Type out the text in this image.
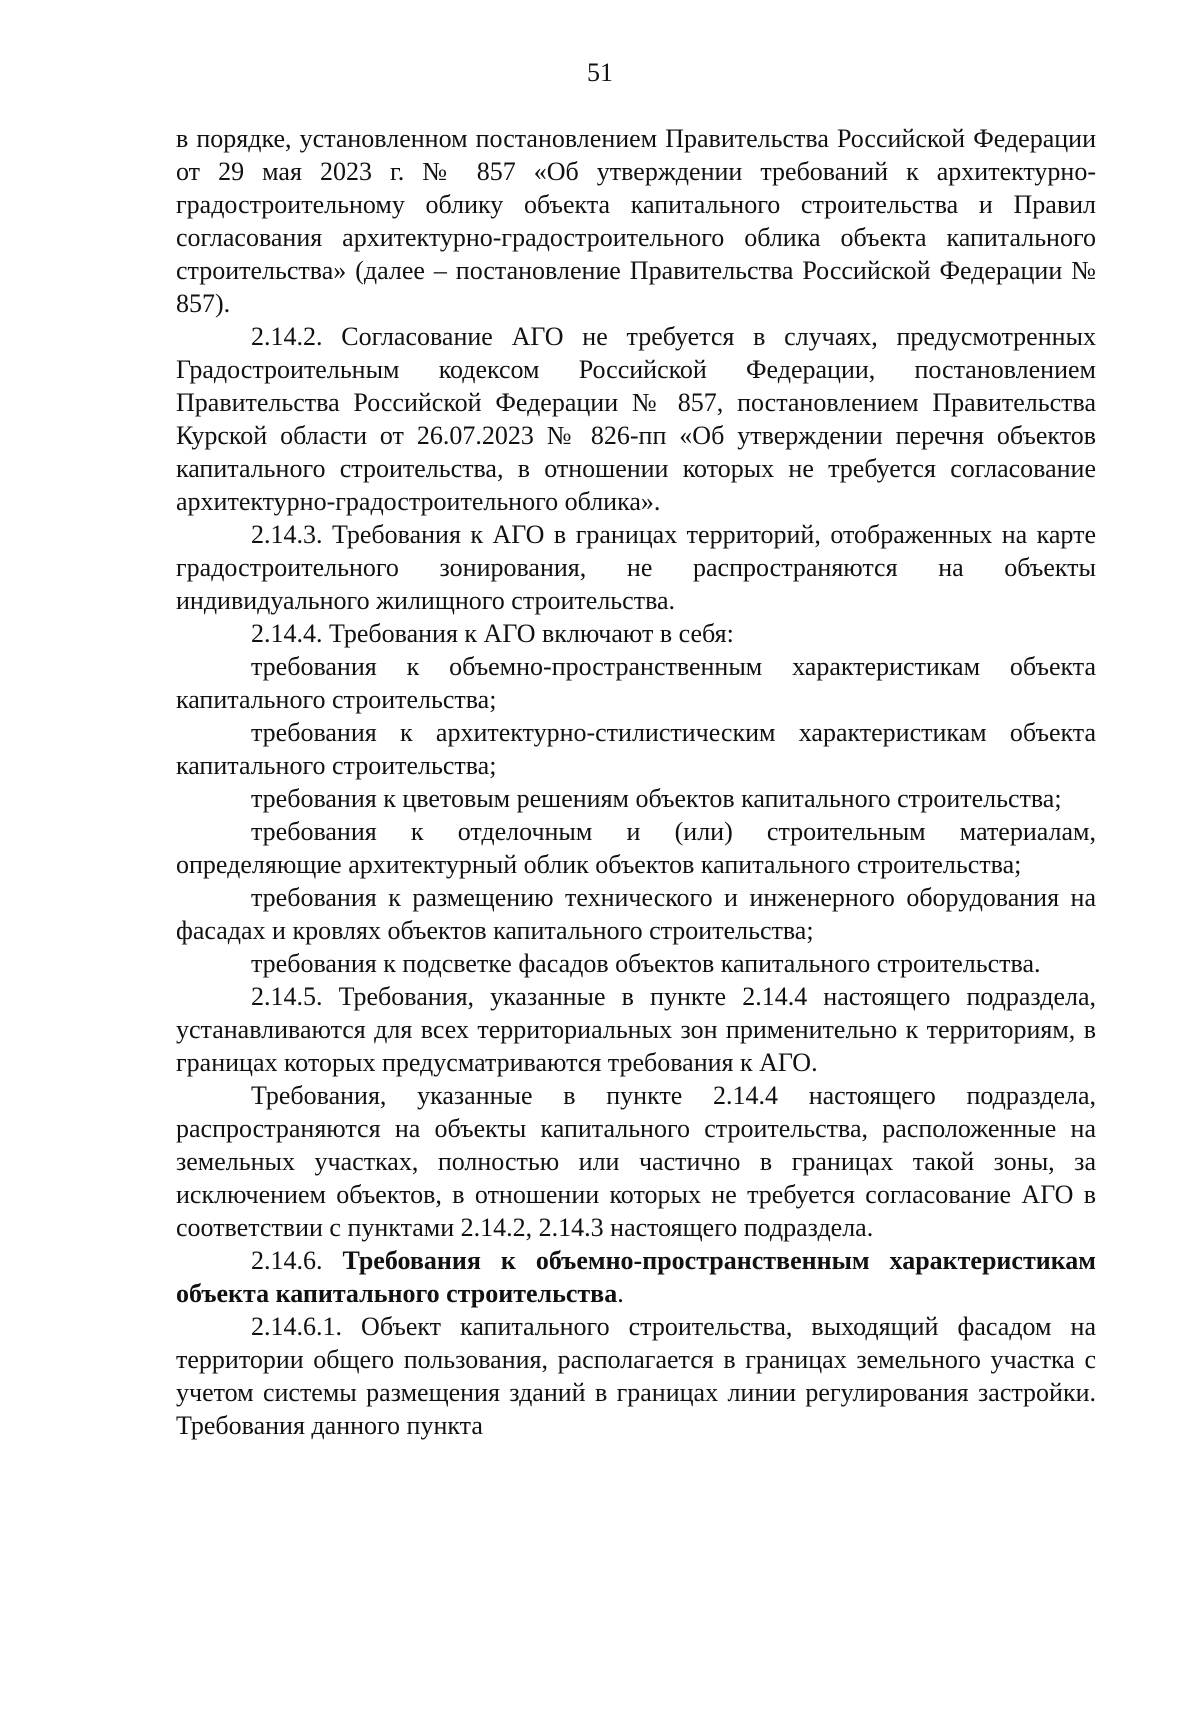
51

в порядке, установленном постановлением Правительства Российской Федерации от 29 мая 2023 г. № 857 «Об утверждении требований к архитектурно-градостроительному облику объекта капитального строительства и Правил согласования архитектурно-градостроительного облика объекта капитального строительства» (далее – постановление Правительства Российской Федерации № 857).

2.14.2. Согласование АГО не требуется в случаях, предусмотренных Градостроительным кодексом Российской Федерации, постановлением Правительства Российской Федерации № 857, постановлением Правительства Курской области от 26.07.2023 № 826-пп «Об утверждении перечня объектов капитального строительства, в отношении которых не требуется согласование архитектурно-градостроительного облика».

2.14.3. Требования к АГО в границах территорий, отображенных на карте градостроительного зонирования, не распространяются на объекты индивидуального жилищного строительства.

2.14.4. Требования к АГО включают в себя:

требования к объемно-пространственным характеристикам объекта капитального строительства;

требования к архитектурно-стилистическим характеристикам объекта капитального строительства;

требования к цветовым решениям объектов капитального строительства;

требования к отделочным и (или) строительным материалам, определяющие архитектурный облик объектов капитального строительства;

требования к размещению технического и инженерного оборудования на фасадах и кровлях объектов капитального строительства;

требования к подсветке фасадов объектов капитального строительства.

2.14.5. Требования, указанные в пункте 2.14.4 настоящего подраздела, устанавливаются для всех территориальных зон применительно к территориям, в границах которых предусматриваются требования к АГО.

Требования, указанные в пункте 2.14.4 настоящего подраздела, распространяются на объекты капитального строительства, расположенные на земельных участках, полностью или частично в границах такой зоны, за исключением объектов, в отношении которых не требуется согласование АГО в соответствии с пунктами 2.14.2, 2.14.3 настоящего подраздела.

2.14.6. Требования к объемно-пространственным характеристикам объекта капитального строительства.

2.14.6.1. Объект капитального строительства, выходящий фасадом на территории общего пользования, располагается в границах земельного участка с учетом системы размещения зданий в границах линии регулирования застройки. Требования данного пункта
